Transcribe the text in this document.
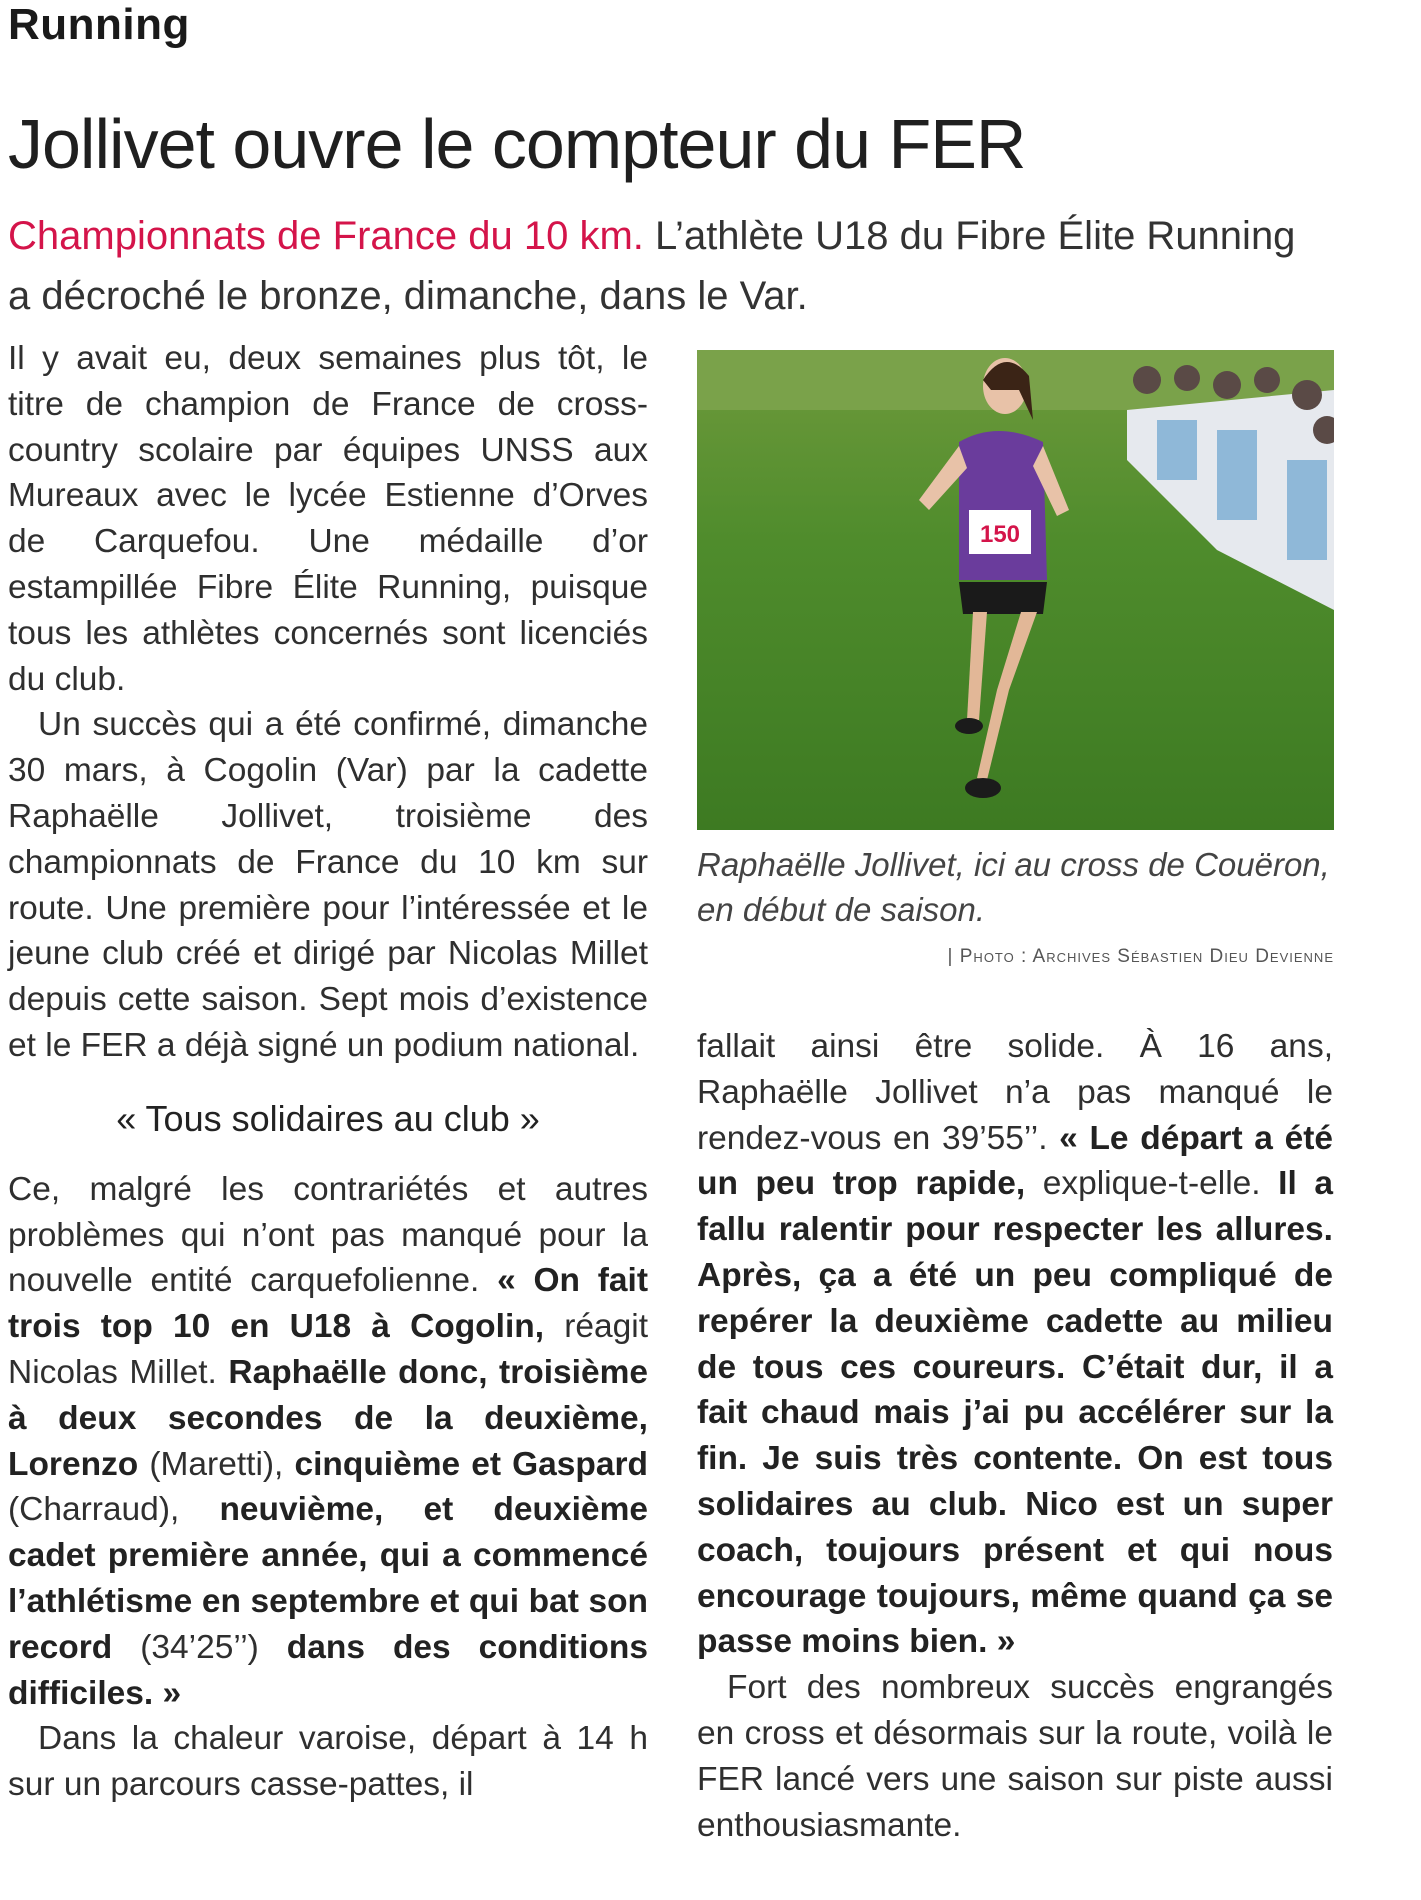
Running
Jollivet ouvre le compteur du FER

Championnats de France du 10 km. L’athlète U18 du Fibre Élite Running a décroché le bronze, dimanche, dans le Var.

Il y avait eu, deux semaines plus tôt, le titre de champion de France de cross-country scolaire par équipes UNSS aux Mureaux avec le lycée Estienne d’Orves de Carquefou. Une médaille d’or estampillée Fibre Élite Running, puisque tous les athlètes concernés sont licenciés du club.

Un succès qui a été confirmé, dimanche 30 mars, à Cogolin (Var) par la cadette Raphaëlle Jollivet, troisième des championnats de France du 10 km sur route. Une première pour l’intéressée et le jeune club créé et dirigé par Nicolas Millet depuis cette saison. Sept mois d’existence et le FER a déjà signé un podium national.

« Tous solidaires au club »

Ce, malgré les contrariétés et autres problèmes qui n’ont pas manqué pour la nouvelle entité carquefolienne. « On fait trois top 10 en U18 à Cogolin, réagit Nicolas Millet. Raphaëlle donc, troisième à deux secondes de la deuxième, Lorenzo (Maretti), cinquième et Gaspard (Charraud), neuvième, et deuxième cadet première année, qui a commencé l’athlétisme en septembre et qui bat son record (34’25’’) dans des conditions difficiles. »

Dans la chaleur varoise, départ à 14 h sur un parcours casse-pattes, il

150

Raphaëlle Jollivet, ici au cross de Couëron, en début de saison.

| Photo : Archives Sébastien Dieu Devienne

fallait ainsi être solide. À 16 ans, Raphaëlle Jollivet n’a pas manqué le rendez-vous en 39’55’’. « Le départ a été un peu trop rapide, explique-t-elle. Il a fallu ralentir pour respecter les allures. Après, ça a été un peu compliqué de repérer la deuxième cadette au milieu de tous ces coureurs. C’était dur, il a fait chaud mais j’ai pu accélérer sur la fin. Je suis très contente. On est tous solidaires au club. Nico est un super coach, toujours présent et qui nous encourage toujours, même quand ça se passe moins bien. »

Fort des nombreux succès engrangés en cross et désormais sur la route, voilà le FER lancé vers une saison sur piste aussi enthousiasmante.
